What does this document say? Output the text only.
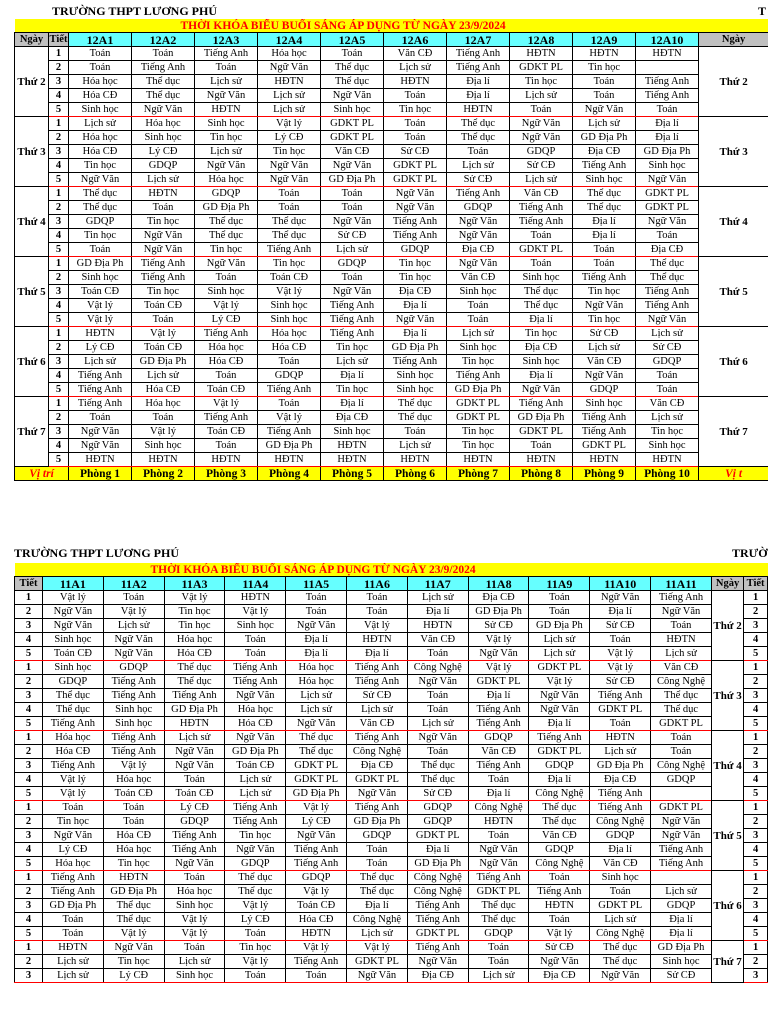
TRƯỜNG THPT LƯƠNG PHÚ	T
THỜI KHÓA BIỂU BUỔI SÁNG ÁP DỤNG TỪ NGÀY 23/9/2024												
Ngày	Tiết	12A1	12A2	12A3	12A4	12A5	12A6	12A7	12A8	12A9	12A10	Ngày
Thứ 2	1	Toán	Toán	Tiếng Anh	Hóa học	Toán	Văn CĐ	Tiếng Anh	HĐTN	HĐTN	HĐTN	Thứ 2
	2	Toán	Tiếng Anh	Toán	Ngữ Văn	Thể dục	Lịch sử	Tiếng Anh	GDKT PL	Tin học		
	3	Hóa học	Thể dục	Lịch sử	HĐTN	Thể dục	HĐTN	Địa lí	Tin học	Toán	Tiếng Anh	
	4	Hóa CĐ	Thể dục	Ngữ Văn	Lịch sử	Ngữ Văn	Toán	Địa lí	Lịch sử	Toán	Tiếng Anh	
	5	Sinh học	Ngữ Văn	HĐTN	Lịch sử	Sinh học	Tin học	HĐTN	Toán	Ngữ Văn	Toán	
Thứ 3	1	Lịch sử	Hóa học	Sinh học	Vật lý	GDKT PL	Toán	Thể dục	Ngữ Văn	Lịch sử	Địa lí	Thứ 3
	2	Hóa học	Sinh học	Tin học	Lý CĐ	GDKT PL	Toán	Thể dục	Ngữ Văn	GD Địa Ph	Địa lí	
	3	Hóa CĐ	Lý CĐ	Lịch sử	Tin học	Văn CĐ	Sử CĐ	Toán	GDQP	Địa CĐ	GD Địa Ph	
	4	Tin học	GDQP	Ngữ Văn	Ngữ Văn	Ngữ Văn	GDKT PL	Lịch sử	Sử CĐ	Tiếng Anh	Sinh học	
	5	Ngữ Văn	Lịch sử	Hóa học	Ngữ Văn	GD Địa Ph	GDKT PL	Sử CĐ	Lịch sử	Sinh học	Ngữ Văn	
Thứ 4	1	Thể dục	HĐTN	GDQP	Toán	Toán	Ngữ Văn	Tiếng Anh	Văn CĐ	Thể dục	GDKT PL	Thứ 4
	2	Thể dục	Toán	GD Địa Ph	Toán	Toán	Ngữ Văn	GDQP	Tiếng Anh	Thể dục	GDKT PL	
	3	GDQP	Tin học	Thể dục	Thể dục	Ngữ Văn	Tiếng Anh	Ngữ Văn	Tiếng Anh	Địa lí	Ngữ Văn	
	4	Tin học	Ngữ Văn	Thể dục	Thể dục	Sử CĐ	Tiếng Anh	Ngữ Văn	Toán	Địa lí	Toán	
	5	Toán	Ngữ Văn	Tin học	Tiếng Anh	Lịch sử	GDQP	Địa CĐ	GDKT PL	Toán	Địa CĐ	
Thứ 5	1	GD Địa Ph	Tiếng Anh	Ngữ Văn	Tin học	GDQP	Tin học	Ngữ Văn	Toán	Toán	Thể dục	Thứ 5
	2	Sinh học	Tiếng Anh	Toán	Toán CĐ	Toán	Tin học	Văn CĐ	Sinh học	Tiếng Anh	Thể dục	
	3	Toán CĐ	Tin học	Sinh học	Vật lý	Ngữ Văn	Địa CĐ	Sinh học	Thể dục	Tin học	Tiếng Anh	
	4	Vật lý	Toán CĐ	Vật lý	Sinh học	Tiếng Anh	Địa lí	Toán	Thể dục	Ngữ Văn	Tiếng Anh	
	5	Vật lý	Toán	Lý CĐ	Sinh học	Tiếng Anh	Ngữ Văn	Toán	Địa lí	Tin học	Ngữ Văn	
Thứ 6	1	HĐTN	Vật lý	Tiếng Anh	Hóa học	Tiếng Anh	Địa lí	Lịch sử	Tin học	Sử CĐ	Lịch sử	Thứ 6
	2	Lý CĐ	Toán CĐ	Hóa học	Hóa CĐ	Tin học	GD Địa Ph	Sinh học	Địa CĐ	Lịch sử	Sử CĐ	
	3	Lịch sử	GD Địa Ph	Hóa CĐ	Toán	Lịch sử	Tiếng Anh	Tin học	Sinh học	Văn CĐ	GDQP	
	4	Tiếng Anh	Lịch sử	Toán	GDQP	Địa lí	Sinh học	Tiếng Anh	Địa lí	Ngữ Văn	Toán	
	5	Tiếng Anh	Hóa CĐ	Toán CĐ	Tiếng Anh	Tin học	Sinh học	GD Địa Ph	Ngữ Văn	GDQP	Toán	
Thứ 7	1	Tiếng Anh	Hóa học	Vật lý	Toán	Địa lí	Thể dục	GDKT PL	Tiếng Anh	Sinh học	Văn CĐ	Thứ 7
	2	Toán	Toán	Tiếng Anh	Vật lý	Địa CĐ	Thể dục	GDKT PL	GD Địa Ph	Tiếng Anh	Lịch sử	
	3	Ngữ Văn	Vật lý	Toán CĐ	Tiếng Anh	Sinh học	Toán	Tin học	GDKT PL	Tiếng Anh	Tin học	
	4	Ngữ Văn	Sinh học	Toán	GD Địa Ph	HĐTN	Lịch sử	Tin học	Toán	GDKT PL	Sinh học	
	5	HĐTN	HĐTN	HĐTN	HĐTN	HĐTN	HĐTN	HĐTN	HĐTN	HĐTN	HĐTN	
Vị trí		Phòng 1	Phòng 2	Phòng 3	Phòng 4	Phòng 5	Phòng 6	Phòng 7	Phòng 8	Phòng 9	Phòng 10	Vị t
TRƯỜNG THPT LƯƠNG PHÚ	TRƯỜ
THỜI KHÓA BIỂU BUỔI SÁNG ÁP DỤNG TỪ NGÀY 23/9/2024													
Tiết	11A1	11A2	11A3	11A4	11A5	11A6	11A7	11A8	11A9	11A10	11A11	Ngày	Tiết
1	Vật lý	Toán	Vật lý	HĐTN	Toán	Toán	Lịch sử	Địa CĐ	Toán	Ngữ Văn	Tiếng Anh	Thứ 2	1
2	Ngữ Văn	Vật lý	Tin học	Vật lý	Toán	Toán	Địa lí	GD Địa Ph	Toán	Địa lí	Ngữ Văn		2
3	Ngữ Văn	Lịch sử	Tin học	Sinh học	Ngữ Văn	Vật lý	HĐTN	Sử CĐ	GD Địa Ph	Sử CĐ	Toán		3
4	Sinh học	Ngữ Văn	Hóa học	Toán	Địa lí	HĐTN	Văn CĐ	Vật lý	Lịch sử	Toán	HĐTN		4
5	Toán CĐ	Ngữ Văn	Hóa CĐ	Toán	Địa lí	Địa lí	Toán	Ngữ Văn	Lịch sử	Vật lý	Lịch sử		5
1	Sinh học	GDQP	Thể dục	Tiếng Anh	Hóa học	Tiếng Anh	Công Nghệ	Vật lý	GDKT PL	Vật lý	Văn CĐ	Thứ 3	1
2	GDQP	Tiếng Anh	Thể dục	Tiếng Anh	Hóa học	Tiếng Anh	Ngữ Văn	GDKT PL	Vật lý	Sử CĐ	Công Nghệ		2
3	Thể dục	Tiếng Anh	Tiếng Anh	Ngữ Văn	Lịch sử	Sử CĐ	Toán	Địa lí	Ngữ Văn	Tiếng Anh	Thể dục		3
4	Thể dục	Sinh học	GD Địa Ph	Hóa học	Lịch sử	Lịch sử	Toán	Tiếng Anh	Ngữ Văn	GDKT PL	Thể dục		4
5	Tiếng Anh	Sinh học	HĐTN	Hóa CĐ	Ngữ Văn	Văn CĐ	Lịch sử	Tiếng Anh	Địa lí	Toán	GDKT PL		5
1	Hóa học	Tiếng Anh	Lịch sử	Ngữ Văn	Thể dục	Tiếng Anh	Ngữ Văn	GDQP	Tiếng Anh	HĐTN	Toán	Thứ 4	1
2	Hóa CĐ	Tiếng Anh	Ngữ Văn	GD Địa Ph	Thể dục	Công Nghệ	Toán	Văn CĐ	GDKT PL	Lịch sử	Toán		2
3	Tiếng Anh	Vật lý	Ngữ Văn	Toán CĐ	GDKT PL	Địa CĐ	Thể dục	Tiếng Anh	GDQP	GD Địa Ph	Công Nghệ		3
4	Vật lý	Hóa học	Toán	Lịch sử	GDKT PL	GDKT PL	Thể dục	Toán	Địa lí	Địa CĐ	GDQP		4
5	Vật lý	Toán CĐ	Toán CĐ	Lịch sử	GD Địa Ph	Ngữ Văn	Sử CĐ	Địa lí	Công Nghệ	Tiếng Anh			5
1	Toán	Toán	Lý CĐ	Tiếng Anh	Vật lý	Tiếng Anh	GDQP	Công Nghệ	Thể dục	Tiếng Anh	GDKT PL	Thứ 5	1
2	Tin học	Toán	GDQP	Tiếng Anh	Lý CĐ	GD Địa Ph	GDQP	HĐTN	Thể dục	Công Nghệ	Ngữ Văn		2
3	Ngữ Văn	Hóa CĐ	Tiếng Anh	Tin học	Ngữ Văn	GDQP	GDKT PL	Toán	Văn CĐ	GDQP	Ngữ Văn		3
4	Lý CĐ	Hóa học	Tiếng Anh	Ngữ Văn	Tiếng Anh	Toán	Địa lí	Ngữ Văn	GDQP	Địa lí	Tiếng Anh		4
5	Hóa học	Tin học	Ngữ Văn	GDQP	Tiếng Anh	Toán	GD Địa Ph	Ngữ Văn	Công Nghệ	Văn CĐ	Tiếng Anh		5
1	Tiếng Anh	HĐTN	Toán	Thể dục	GDQP	Thể dục	Công Nghệ	Tiếng Anh	Toán	Sinh học		Thứ 6	1
2	Tiếng Anh	GD Địa Ph	Hóa học	Thể dục	Vật lý	Thể dục	Công Nghệ	GDKT PL	Tiếng Anh	Toán	Lịch sử		2
3	GD Địa Ph	Thể dục	Sinh học	Vật lý	Toán CĐ	Địa lí	Tiếng Anh	Thể dục	HĐTN	GDKT PL	GDQP		3
4	Toán	Thể dục	Vật lý	Lý CĐ	Hóa CĐ	Công Nghệ	Tiếng Anh	Thể dục	Toán	Lịch sử	Địa lí		4
5	Toán	Vật lý	Vật lý	Toán	HĐTN	Lịch sử	GDKT PL	GDQP	Vật lý	Công Nghệ	Địa lí		5
1	HĐTN	Ngữ Văn	Toán	Tin học	Vật lý	Vật lý	Tiếng Anh	Toán	Sử CĐ	Thể dục	GD Địa Ph	Thứ 7	1
2	Lịch sử	Tin học	Lịch sử	Vật lý	Tiếng Anh	GDKT PL	Ngữ Văn	Toán	Ngữ Văn	Thể dục	Sinh học		2
3	Lịch sử	Lý CĐ	Sinh học	Toán	Toán	Ngữ Văn	Địa CĐ	Lịch sử	Địa CĐ	Ngữ Văn	Sử CĐ		3
